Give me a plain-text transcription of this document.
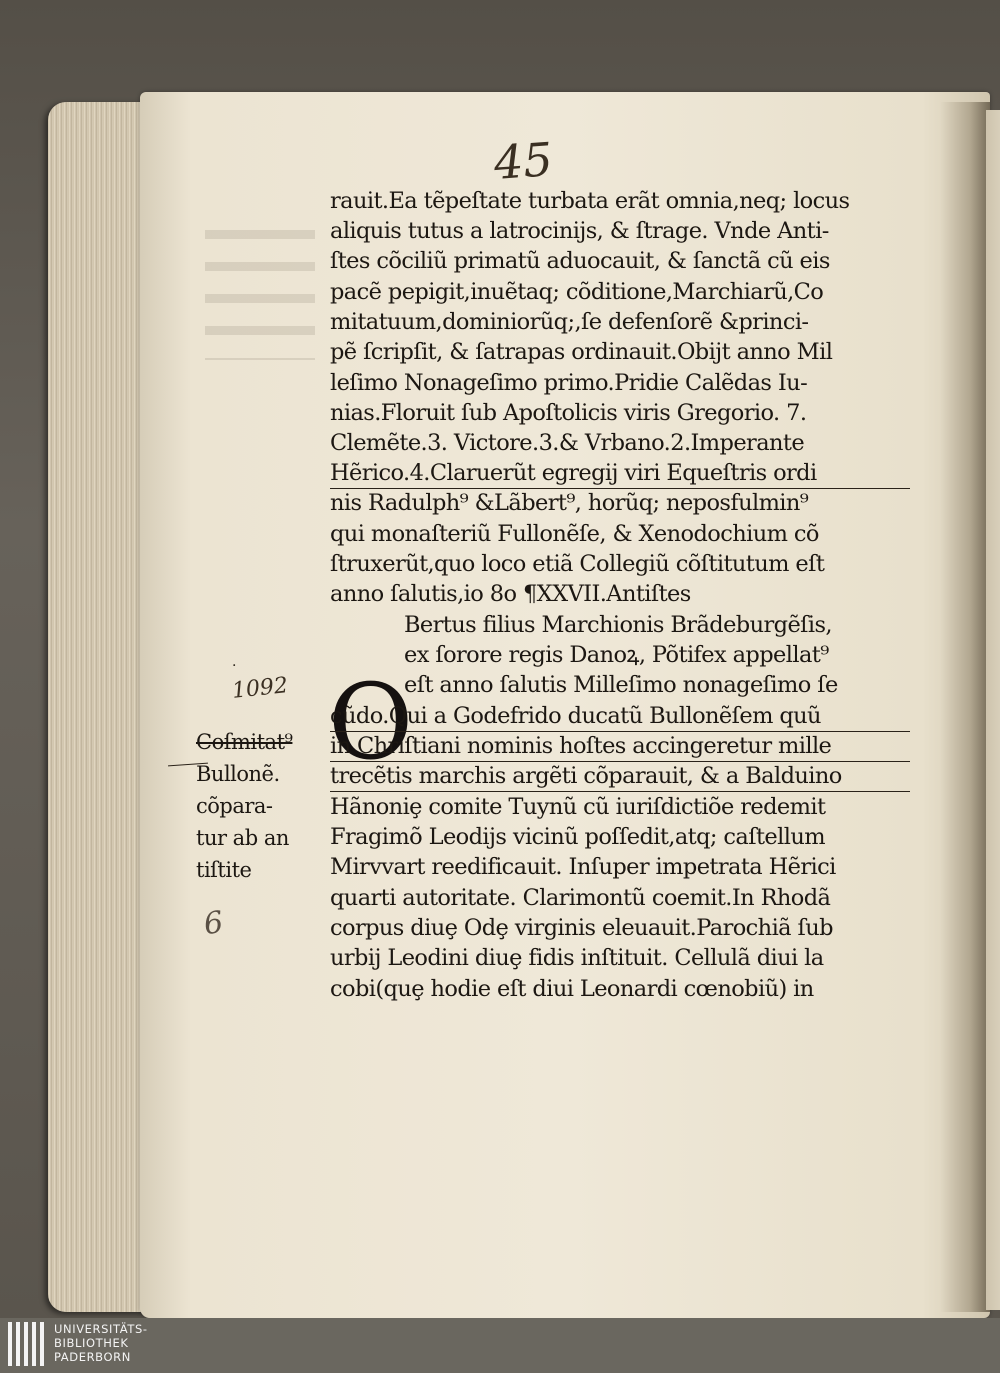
45
O
rauit.Ea tẽpeſtate turbata erãt omnia,neq; locus
aliquis tutus a latrocinijs, & ſtrage. Vnde Anti‑
ſtes cõciliũ primatũ aduocauit, & ſanctã cũ eis
pacẽ pepigit,inuẽtaq; cõditione,Marchiarũ,Co
mitatuum,dominiorũq;,ſe defenſorẽ &princi‑
pẽ ſcripſit, & ſatrapas ordinauit.Obijt anno Mil
leſimo Nonageſimo primo.Pridie Calẽdas Iu‑
nias.Floruit ſub Apoſtolicis viris Gregorio. 7.
Clemẽte.3. Victore.3.& Vrbano.2.Imperante
Hẽrico.4.Claruerũt egregij viri Equeſtris ordi
nis Radulph⁹ &Lãbert⁹, horũq; neposfulmin⁹
qui monaſteriũ Fullonẽſe, & Xenodochium cõ
ſtruxerũt,quo loco etiã Collegiũ cõſtitutum eſt
anno ſalutis,io 8o ¶XXVII.Antiſtes
Bertus filius Marchionis Brãdeburgẽſis,
ex ſorore regis Danoꝝ, Põtifex appellat⁹
eſt anno ſalutis Milleſimo nonageſimo ſe
cũdo.Qui a Godefrido ducatũ Bullonẽſem quũ
in Chriſtiani nominis hoſtes accingeretur mille
trecẽtis marchis argẽti cõparauit, & a Balduino
Hãnoniȩ comite Tuynũ cũ iuriſdictiõe redemit
Fragimõ Leodijs vicinũ poſſedit,atq; caſtellum
Mirvvart reedificauit. Inſuper impetrata Hẽrici
quarti autoritate. Clarimontũ coemit.In Rhodã
corpus diuȩ Odȩ virginis eleuauit.Parochiã ſub
urbij Leodini diuȩ fidis inſtituit. Cellulã diui la
cobi(quȩ hodie eſt diui Leonardi cœnobiũ) in
·
1092
Coſmitat⁹
Bullonẽ.
cõpara‑
tur ab an
tiſtite
6
UNIVERSITÄTS-
BIBLIOTHEK
PADERBORN
